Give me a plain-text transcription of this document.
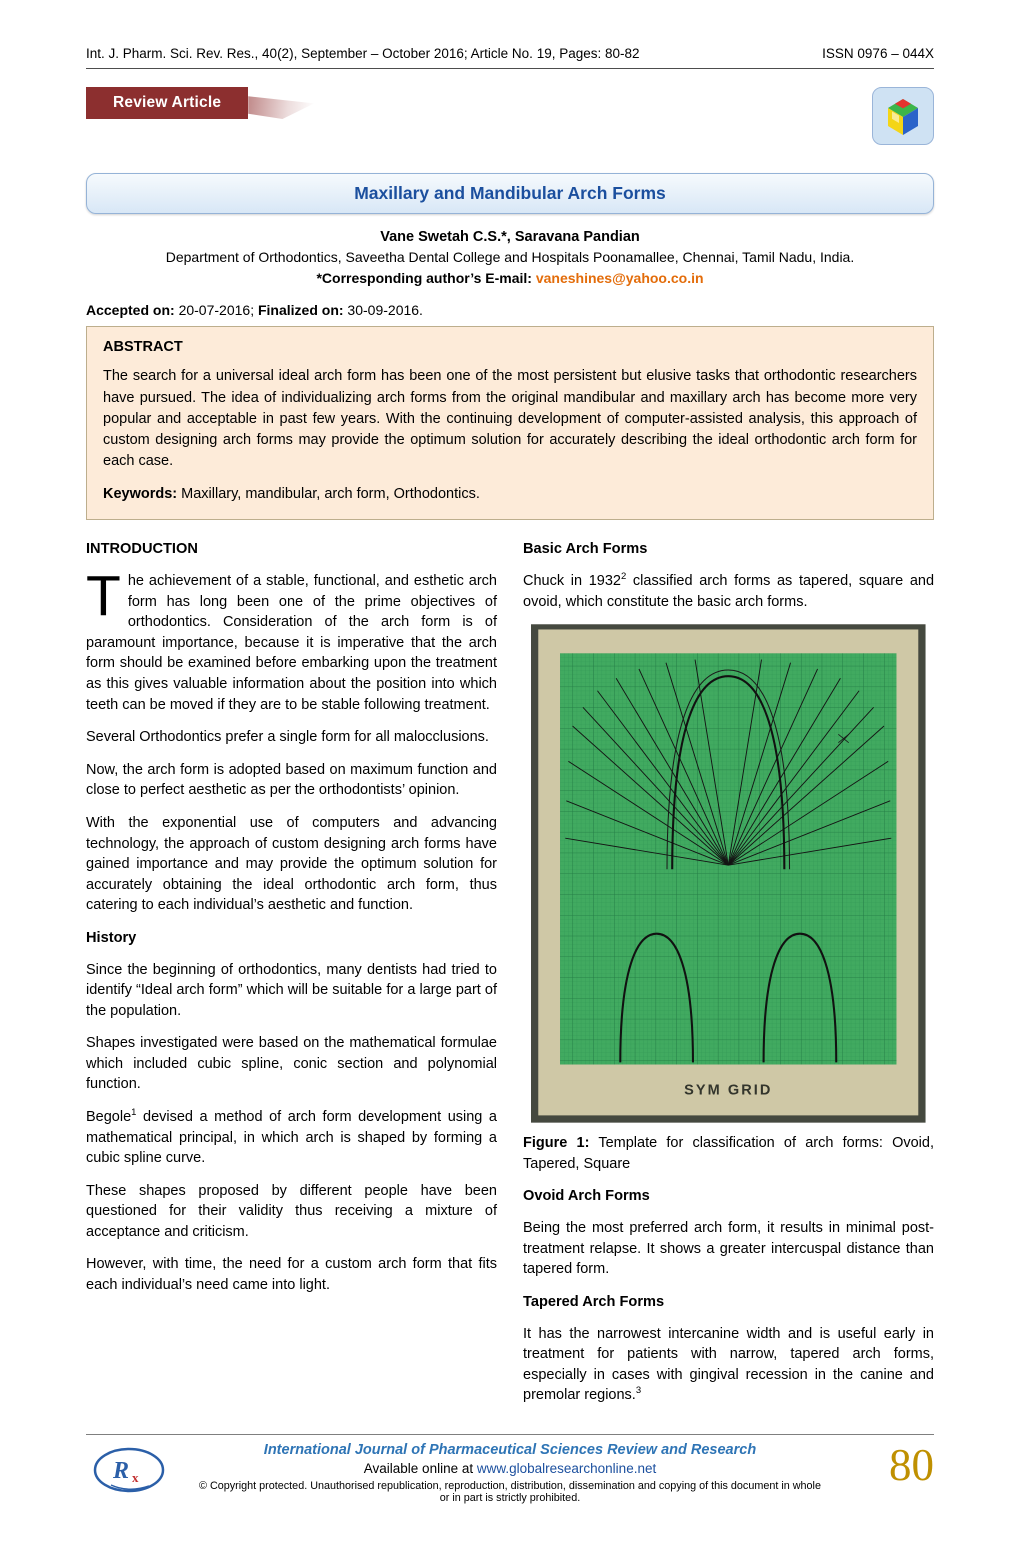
Int. J. Pharm. Sci. Rev. Res., 40(2), September – October 2016; Article No. 19, Pages: 80-82	ISSN 0976 – 044X
Review Article
Maxillary and Mandibular Arch Forms

Vane Swetah C.S.*, Saravana Pandian

Department of Orthodontics, Saveetha Dental College and Hospitals Poonamallee, Chennai, Tamil Nadu, India.

*Corresponding author’s E-mail: vaneshines@yahoo.co.in

Accepted on: 20-07-2016; Finalized on: 30-09-2016.

ABSTRACT

The search for a universal ideal arch form has been one of the most persistent but elusive tasks that orthodontic researchers have pursued. The idea of individualizing arch forms from the original mandibular and maxillary arch has become more very popular and acceptable in past few years. With the continuing development of computer-assisted analysis, this approach of custom designing arch forms may provide the optimum solution for accurately describing the ideal orthodontic arch form for each case.

Keywords: Maxillary, mandibular, arch form, Orthodontics.

INTRODUCTION

The achievement of a stable, functional, and esthetic arch form has long been one of the prime objectives of orthodontics. Consideration of the arch form is of paramount importance, because it is imperative that the arch form should be examined before embarking upon the treatment as this gives valuable information about the position into which teeth can be moved if they are to be stable following treatment.

Several Orthodontics prefer a single form for all malocclusions.

Now, the arch form is adopted based on maximum function and close to perfect aesthetic as per the orthodontists’ opinion.

With the exponential use of computers and advancing technology, the approach of custom designing arch forms have gained importance and may provide the optimum solution for accurately obtaining the ideal orthodontic arch form, thus catering to each individual’s aesthetic and function.

History

Since the beginning of orthodontics, many dentists had tried to identify “Ideal arch form” which will be suitable for a large part of the population.

Shapes investigated were based on the mathematical formulae which included cubic spline, conic section and polynomial function.

Begole$^1$ devised a method of arch form development using a mathematical principal, in which arch is shaped by forming a cubic spline curve.

These shapes proposed by different people have been questioned for their validity thus receiving a mixture of acceptance and criticism.

However, with time, the need for a custom arch form that fits each individual’s need came into light.

Basic Arch Forms

Chuck in 1932$^2$ classified arch forms as tapered, square and ovoid, which constitute the basic arch forms.

SYM GRID

Figure 1: Template for classification of arch forms: Ovoid, Tapered, Square

Ovoid Arch Forms

Being the most preferred arch form, it results in minimal post-treatment relapse. It shows a greater intercuspal distance than tapered form.

Tapered Arch Forms

It has the narrowest intercanine width and is useful early in treatment for patients with narrow, tapered arch forms, especially in cases with gingival recession in the canine and premolar regions.$^3$

R x

International Journal of Pharmaceutical Sciences Review and Research

Available online at www.globalresearchonline.net

© Copyright protected. Unauthorised republication, reproduction, distribution, dissemination and copying of this document in whole or in part is strictly prohibited.

80
